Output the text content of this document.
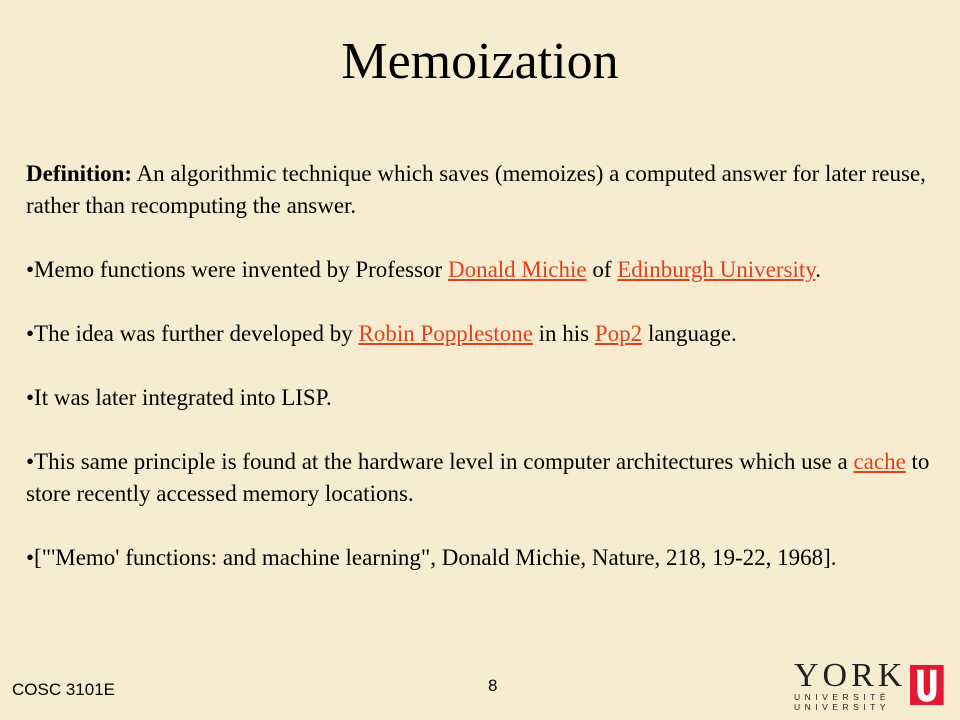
Memoization

Definition: An algorithmic technique which saves (memoizes) a computed answer for later reuse, rather than recomputing the answer.

•Memo functions were invented by Professor Donald Michie of Edinburgh University.

•The idea was further developed by Robin Popplestone in his Pop2 language.

•It was later integrated into LISP.

•This same principle is found at the hardware level in computer architectures which use a cache to store recently accessed memory locations.

•["'Memo' functions: and machine learning", Donald Michie, Nature, 218, 19-22, 1968].

COSC 3101E	8	YORK
UNIVERSITÉ
UNIVERSITY
